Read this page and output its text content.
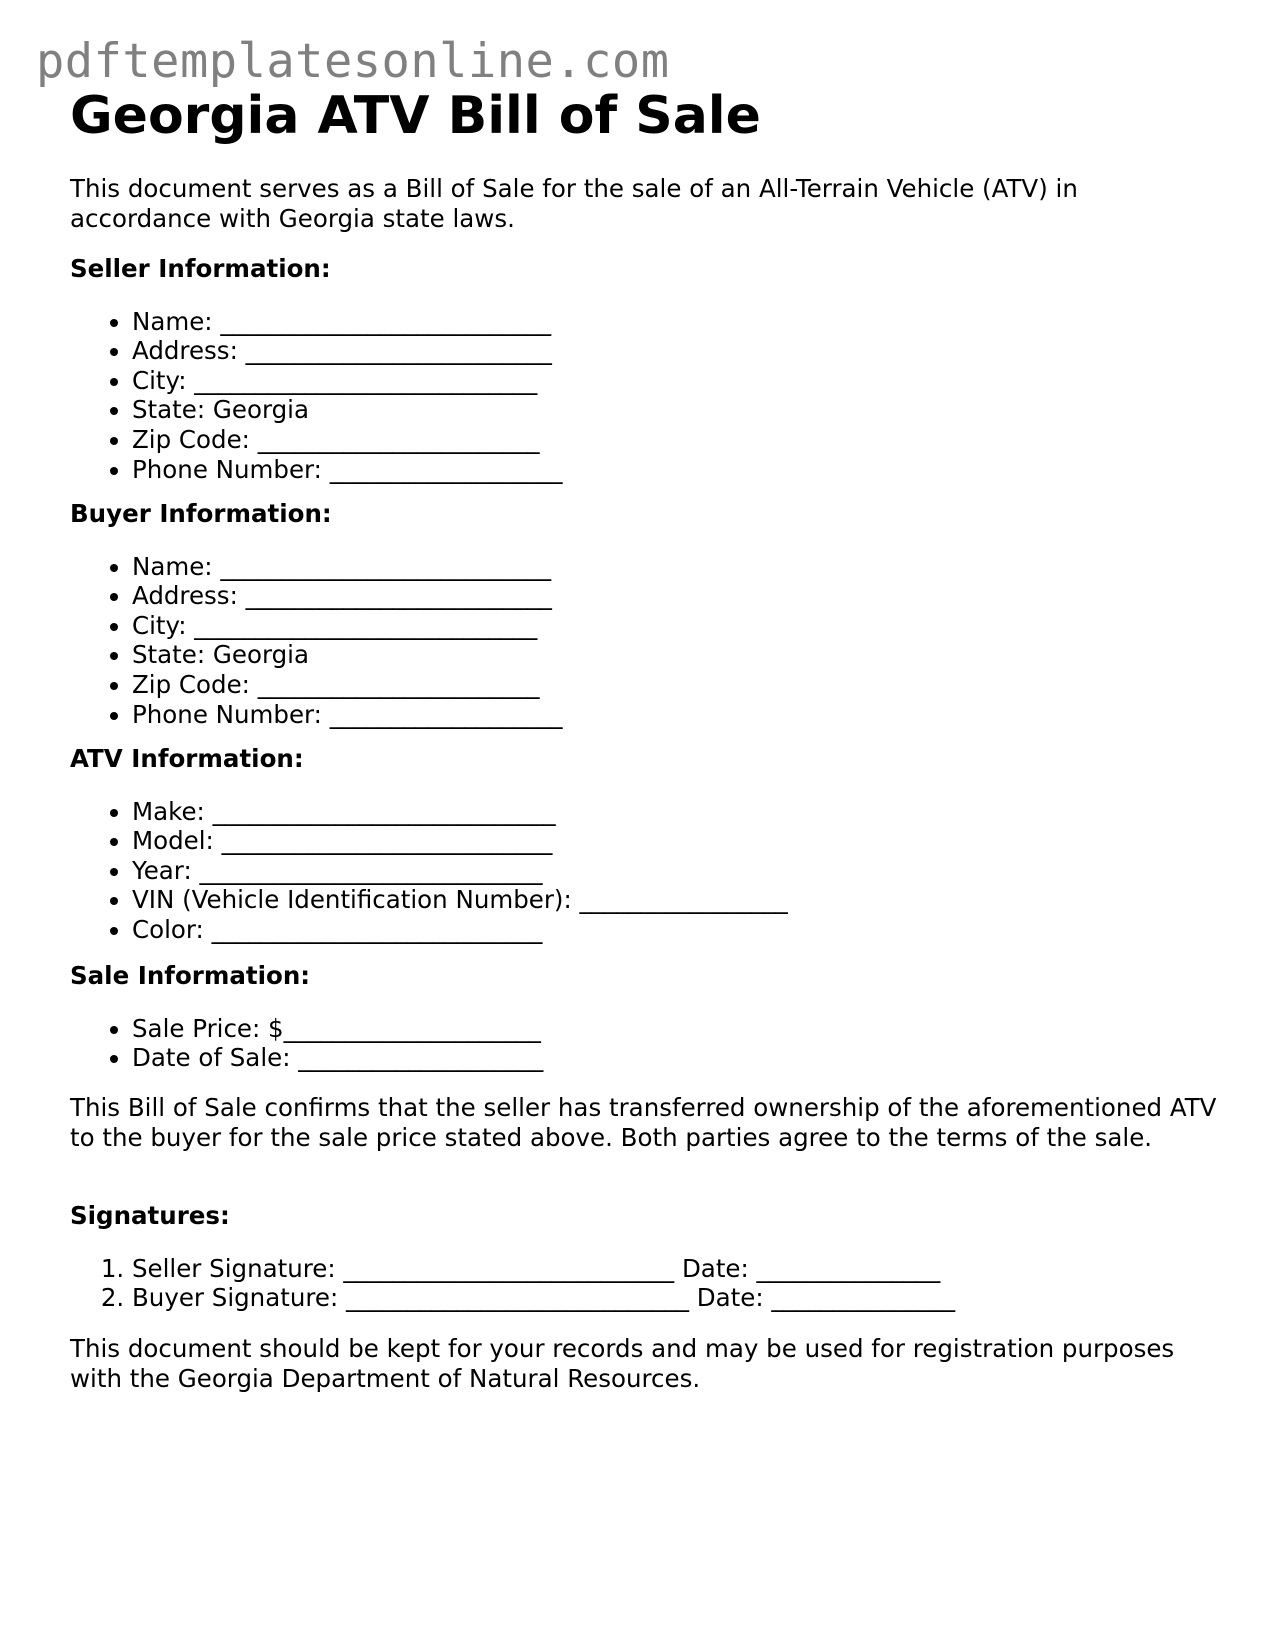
pdftemplatesonline.com
Georgia ATV Bill of Sale

This document serves as a Bill of Sale for the sale of an All-Terrain Vehicle (ATV) in accordance with Georgia state laws.

Seller Information:
• Name: ___________________________
• Address: _________________________
• City: ____________________________
• State: Georgia
• Zip Code: _______________________
• Phone Number: ___________________
Buyer Information:
• Name: ___________________________
• Address: _________________________
• City: ____________________________
• State: Georgia
• Zip Code: _______________________
• Phone Number: ___________________
ATV Information:
• Make: ____________________________
• Model: ___________________________
• Year: ____________________________
• VIN (Vehicle Identification Number): _________________
• Color: ___________________________
Sale Information:
• Sale Price: $_____________________
• Date of Sale: ____________________

This Bill of Sale confirms that the seller has transferred ownership of the aforementioned ATV to the buyer for the sale price stated above. Both parties agree to the terms of the sale.

Signatures:
1. Seller Signature: ___________________________ Date: _______________
2. Buyer Signature: ____________________________ Date: _______________

This document should be kept for your records and may be used for registration purposes with the Georgia Department of Natural Resources.
